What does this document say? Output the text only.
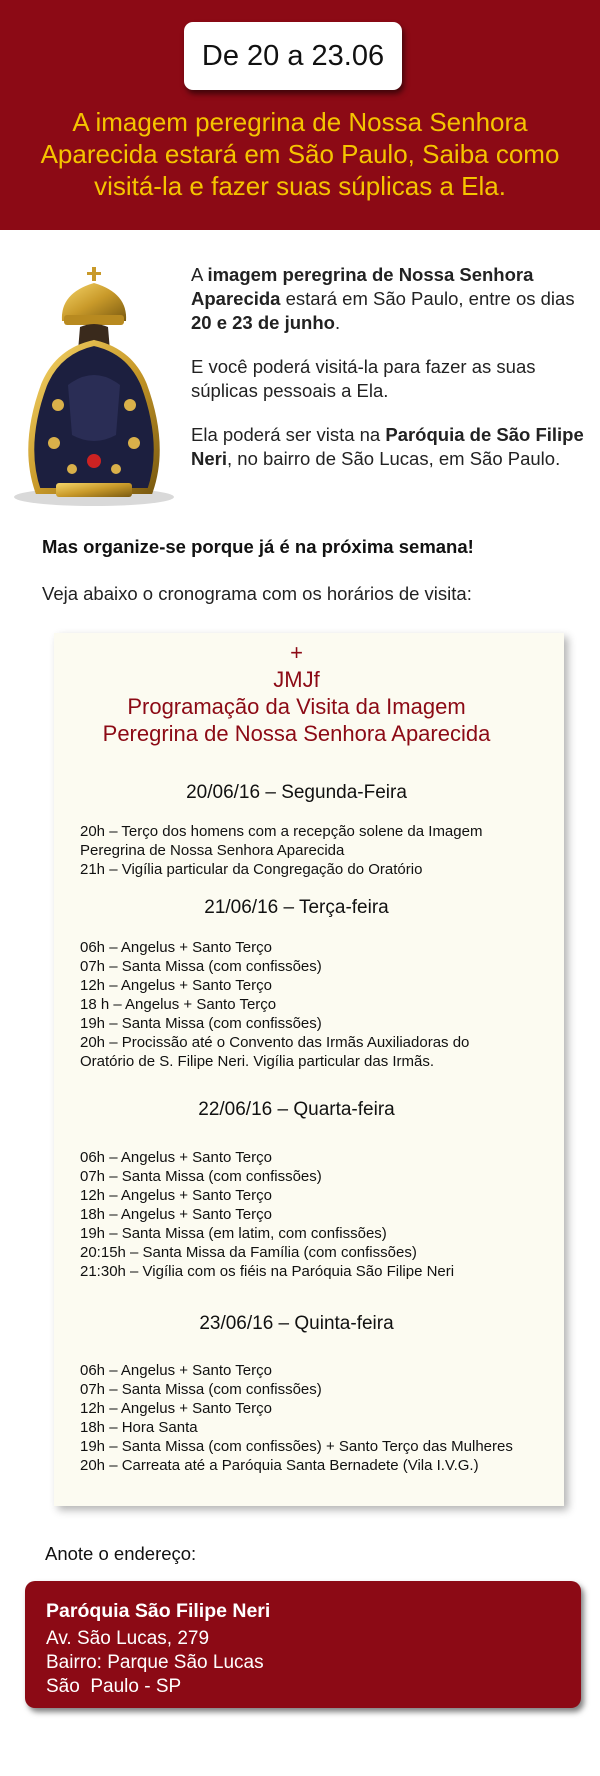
De 20 a 23.06
A imagem peregrina de Nossa Senhora
Aparecida estará em São Paulo, Saiba como
visitá-la e fazer suas súplicas a Ela.

A imagem peregrina de Nossa Senhora Aparecida estará em São Paulo, entre os dias 20 e 23 de junho.

E você poderá visitá-la para fazer as suas súplicas pessoais a Ela.

Ela poderá ser vista na Paróquia de São Filipe Neri, no bairro de São Lucas, em São Paulo.

Mas organize-se porque já é na próxima semana!
Veja abaixo o cronograma com os horários de visita:
+
JMJf
Programação da Visita da Imagem
Peregrina de Nossa Senhora Aparecida
20/06/16 – Segunda-Feira
20h – Terço dos homens com a recepção solene da Imagem
Peregrina de Nossa Senhora Aparecida
21h – Vigília particular da Congregação do Oratório
21/06/16 – Terça-feira
06h – Angelus + Santo Terço
07h – Santa Missa (com confissões)
12h – Angelus + Santo Terço
18 h – Angelus + Santo Terço
19h – Santa Missa (com confissões)
20h – Procissão até o Convento das Irmãs Auxiliadoras do
Oratório de S. Filipe Neri. Vigília particular das Irmãs.
22/06/16 – Quarta-feira
06h – Angelus + Santo Terço
07h – Santa Missa (com confissões)
12h – Angelus + Santo Terço
18h – Angelus + Santo Terço
19h – Santa Missa (em latim, com confissões)
20:15h – Santa Missa da Família (com confissões)
21:30h – Vigília com os fiéis na Paróquia São Filipe Neri
23/06/16 – Quinta-feira
06h – Angelus + Santo Terço
07h – Santa Missa (com confissões)
12h – Angelus + Santo Terço
18h – Hora Santa
19h – Santa Missa (com confissões) + Santo Terço das Mulheres
20h – Carreata até a Paróquia Santa Bernadete (Vila I.V.G.)
Anote o endereço:
Paróquia São Filipe Neri
Av. São Lucas, 279
Bairro: Parque São Lucas
São  Paulo - SP
